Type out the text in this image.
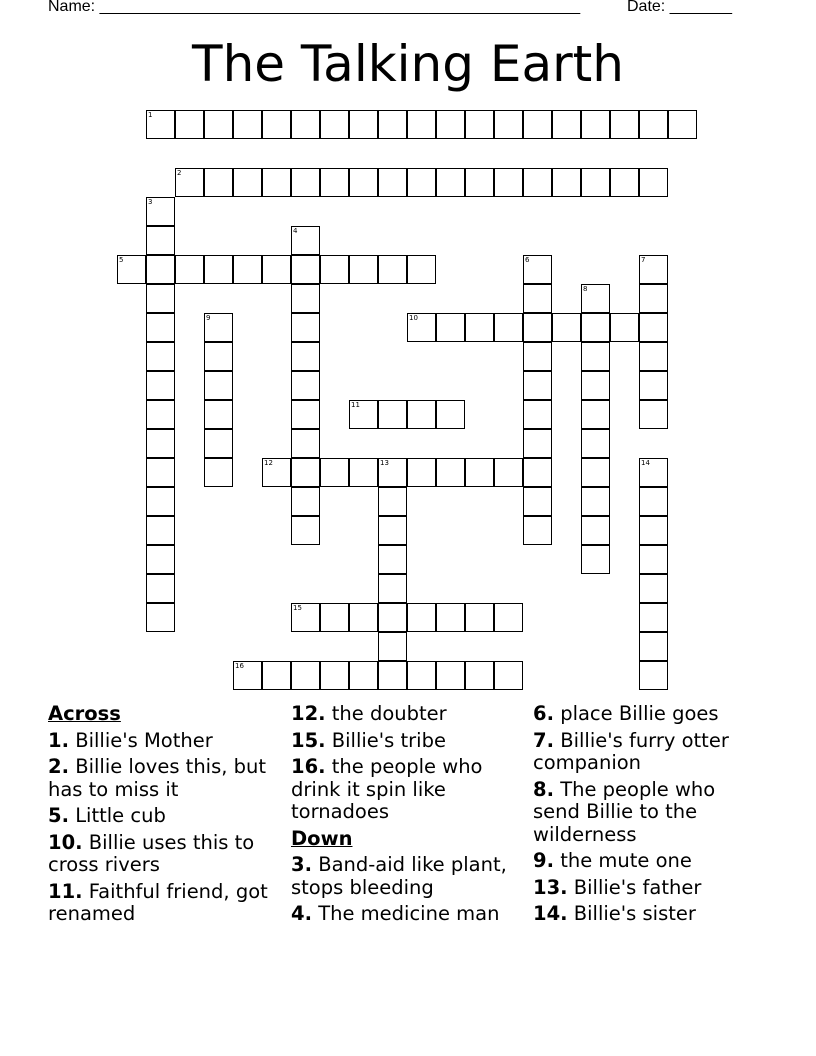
Name: ______________________________________________________	Date: _______
The Talking Earth
1
2
3
4
5	6	7
8
9	10
11
12	13	14
15
16
Across
1. Billie's Mother
2. Billie loves this, but has to miss it
5. Little cub
10. Billie uses this to cross rivers
11. Faithful friend, got renamed
12. the doubter
15. Billie's tribe
16. the people who drink it spin like tornadoes
Down
3. Band-aid like plant, stops bleeding
4. The medicine man
6. place Billie goes
7. Billie's furry otter companion
8. The people who send Billie to the wilderness
9. the mute one
13. Billie's father
14. Billie's sister
